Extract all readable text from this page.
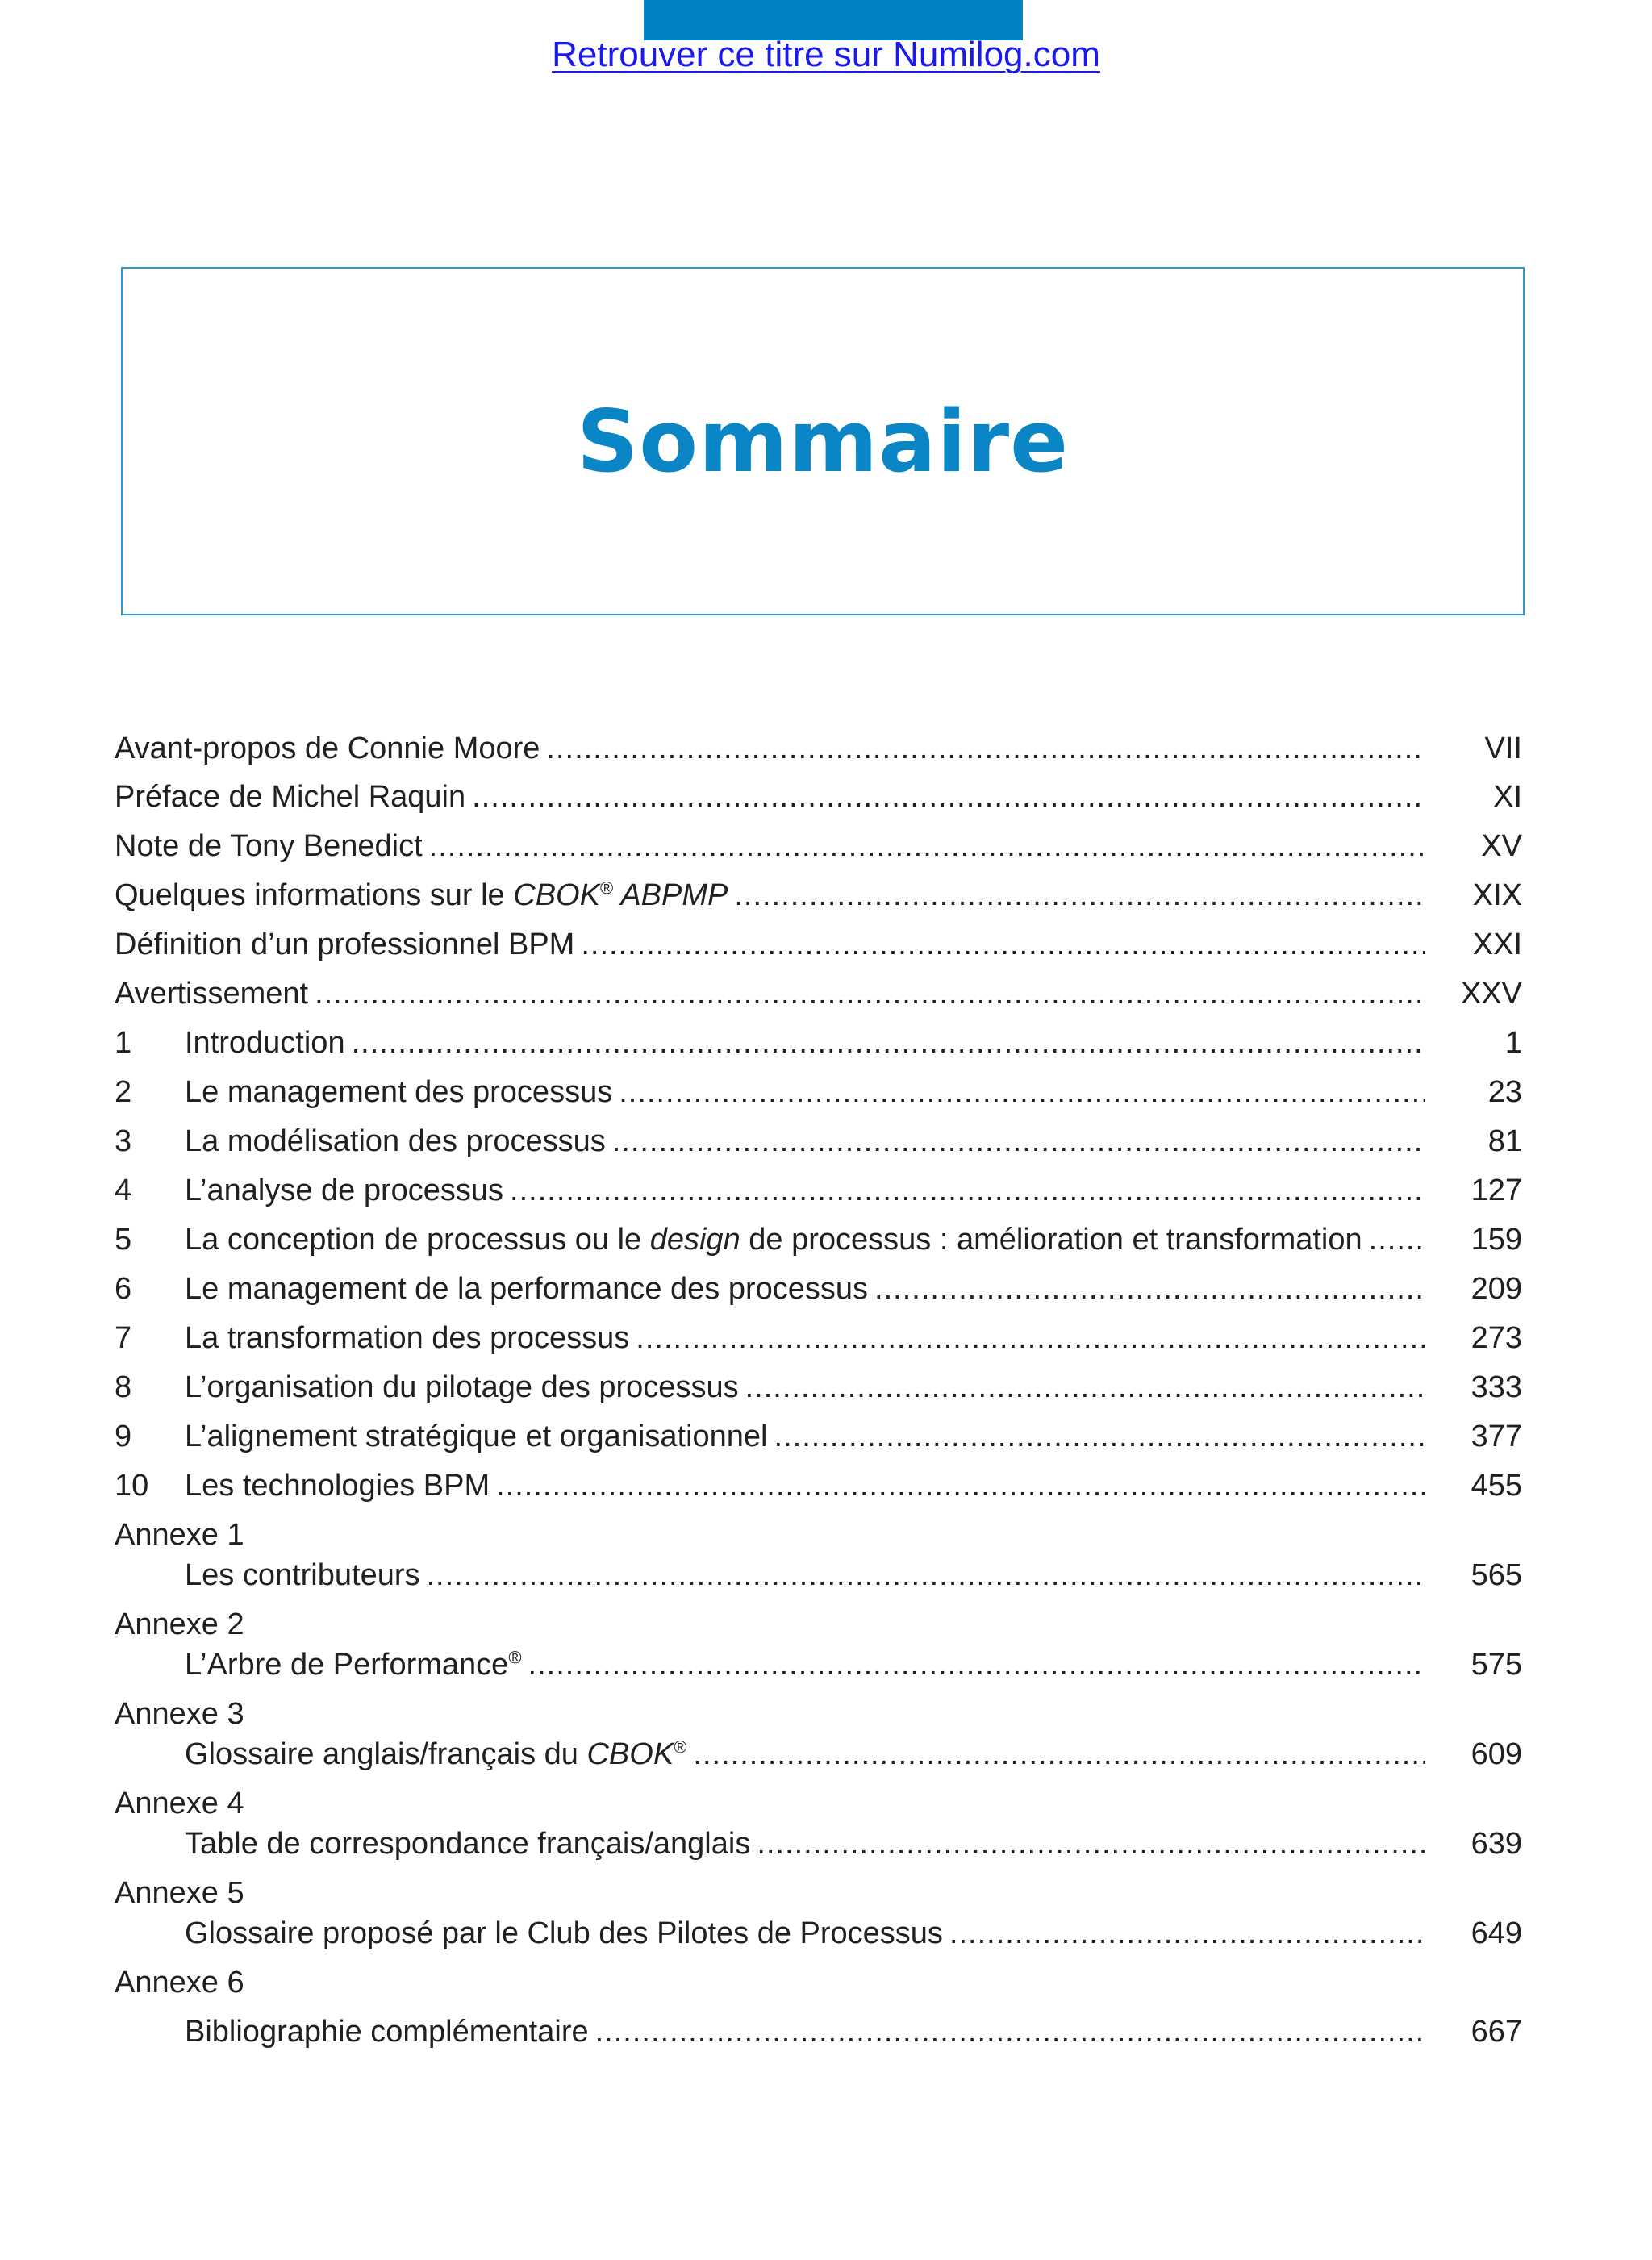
Retrouver ce titre sur Numilog.com
Sommaire
Avant-propos de Connie Moore .....	VII
Préface de Michel Raquin .....	XI
Note de Tony Benedict .....	XV
Quelques informations sur le CBOK® ABPMP .....	XIX
Définition d’un professionnel BPM .....	XXI
Avertissement .....	XXV
1	Introduction .....	1
2	Le management des processus .....	23
3	La modélisation des processus .....	81
4	L’analyse de processus .....	127
5	La conception de processus ou le design de processus : amélioration et transformation .....	159
6	Le management de la performance des processus .....	209
7	La transformation des processus .....	273
8	L’organisation du pilotage des processus .....	333
9	L’alignement stratégique et organisationnel .....	377
10	Les technologies BPM .....	455
Annexe 1
Les contributeurs .....	565
Annexe 2
L’Arbre de Performance® .....	575
Annexe 3
Glossaire anglais/français du CBOK® .....	609
Annexe 4
Table de correspondance français/anglais .....	639
Annexe 5
Glossaire proposé par le Club des Pilotes de Processus .....	649
Annexe 6
Bibliographie complémentaire .....	667
